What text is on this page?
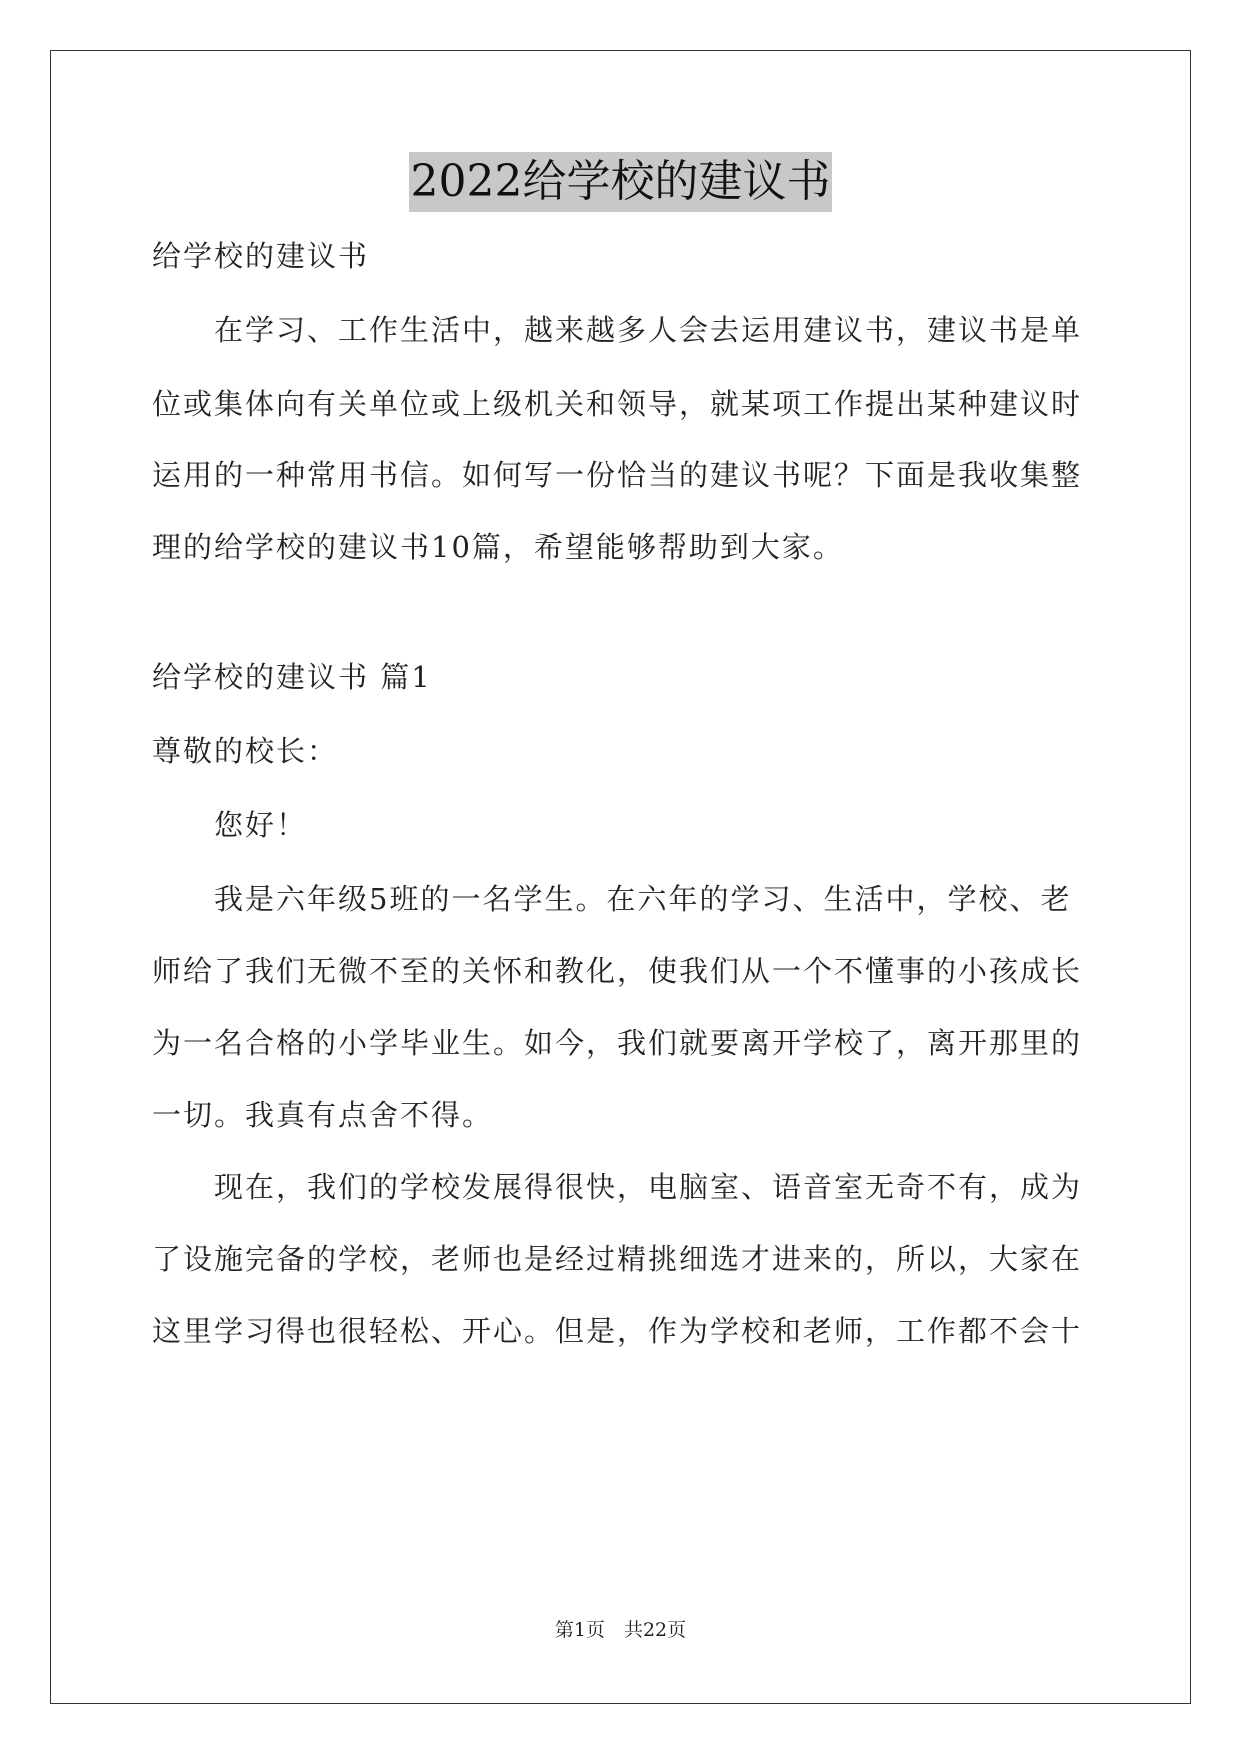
2022给学校的建议书
给学校的建议书
在学习、工作生活中，越来越多人会去运用建议书，建议书是单
位或集体向有关单位或上级机关和领导，就某项工作提出某种建议时
运用的一种常用书信。如何写一份恰当的建议书呢？下面是我收集整
理的给学校的建议书10篇，希望能够帮助到大家。
给学校的建议书 篇1
尊敬的校长：
您好！
我是六年级5班的一名学生。在六年的学习、生活中，学校、老
师给了我们无微不至的关怀和教化，使我们从一个不懂事的小孩成长
为一名合格的小学毕业生。如今，我们就要离开学校了，离开那里的
一切。我真有点舍不得。
现在，我们的学校发展得很快，电脑室、语音室无奇不有，成为
了设施完备的学校，老师也是经过精挑细选才进来的，所以，大家在
这里学习得也很轻松、开心。但是，作为学校和老师，工作都不会十
第1页　共22页
